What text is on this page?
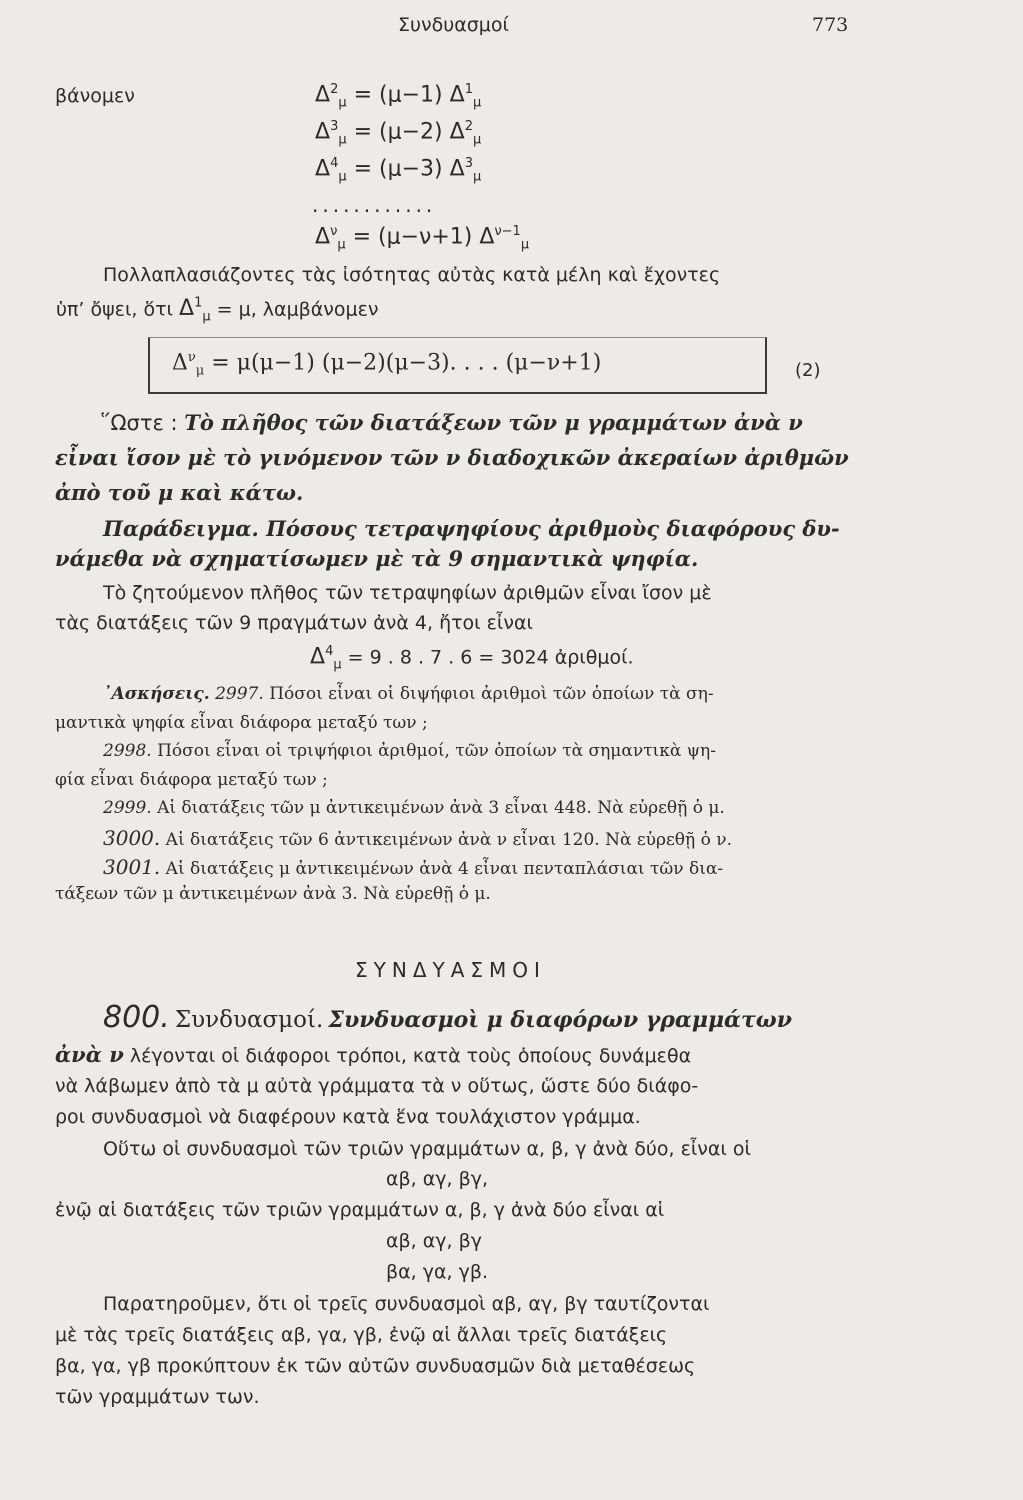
Συνδυασμοί	773
βάνομεν	$\Delta^2_\mu = (\mu-1)$ $\Delta^1_\mu$
$\Delta^3_\mu = (\mu-2)$ $\Delta^2_\mu$
$\Delta^4_\mu = (\mu-3)$ $\Delta^3_\mu$
............
$\Delta^\nu_\mu = (\mu-\nu+1)$ $\Delta^{\nu-1}_\mu$
Πολλαπλασιάζοντες τὰς ἰσότητας αὐτὰς κατὰ μέλη καὶ ἔχοντες
ὑπ’ ὄψει, ὅτι $\Delta^1_\mu = \mu$, λαμβάνομεν
$\Delta^\nu_\mu = \mu(\mu-1)$ (μ−2)(μ−3). . . . (μ−ν+1)	(2)
῞Ωστε : Τὸ πλῆθος τῶν διατάξεων τῶν μ γραμμάτων ἀνὰ ν
εἶναι ἴσον μὲ τὸ γινόμενον τῶν ν διαδοχικῶν ἀκεραίων ἀριθμῶν
ἀπὸ τοῦ μ καὶ κάτω.
Παράδειγμα. Πόσους τετραψηφίους ἀριθμοὺς διαφόρους δυ-
νάμεθα νὰ σχηματίσωμεν μὲ τὰ 9 σημαντικὰ ψηφία.
Τὸ ζητούμενον πλῆθος τῶν τετραψηφίων ἀριθμῶν εἶναι ἴσον μὲ
τὰς διατάξεις τῶν 9 πραγμάτων ἀνὰ 4, ἤτοι εἶναι
$\Delta^4_\mu = 9$ . 8 . 7 . 6 = 3024 ἀριθμοί.
᾿Ασκήσεις. 2997. Πόσοι εἶναι οἱ διψήφιοι ἀριθμοὶ τῶν ὁποίων τὰ ση-
μαντικὰ ψηφία εἶναι διάφορα μεταξύ των ;
2998. Πόσοι εἶναι οἱ τριψήφιοι ἀριθμοί, τῶν ὁποίων τὰ σημαντικὰ ψη-
φία εἶναι διάφορα μεταξύ των ;
2999. Αἱ διατάξεις τῶν μ ἀντικειμένων ἀνὰ 3 εἶναι 448. Νὰ εὑρεθῇ ὁ μ.
3000. Αἱ διατάξεις τῶν 6 ἀντικειμένων ἀνὰ ν εἶναι 120. Νὰ εὑρεθῇ ὁ ν.
3001. Αἱ διατάξεις μ ἀντικειμένων ἀνὰ 4 εἶναι πενταπλάσιαι τῶν δια-
τάξεων τῶν μ ἀντικειμένων ἀνὰ 3. Νὰ εὑρεθῇ ὁ μ.
ΣΥΝΔΥΑΣΜΟΙ
800. Συνδυασμοί. Συνδυασμοὶ μ διαφόρων γραμμάτων
ἀνὰ ν λέγονται οἱ διάφοροι τρόποι, κατὰ τοὺς ὁποίους δυνάμεθα
νὰ λάβωμεν ἀπὸ τὰ μ αὐτὰ γράμματα τὰ ν οὕτως, ὥστε δύο διάφο-
ροι συνδυασμοὶ νὰ διαφέρουν κατὰ ἕνα τουλάχιστον γράμμα.
Οὕτω οἱ συνδυασμοὶ τῶν τριῶν γραμμάτων α, β, γ ἀνὰ δύο, εἶναι οἱ
αβ, αγ, βγ,
ἐνῷ αἱ διατάξεις τῶν τριῶν γραμμάτων α, β, γ ἀνὰ δύο εἶναι αἱ
αβ, αγ, βγ
βα, γα, γβ.
Παρατηροῦμεν, ὅτι οἱ τρεῖς συνδυασμοὶ αβ, αγ, βγ ταυτίζονται
μὲ τὰς τρεῖς διατάξεις αβ, γα, γβ, ἐνῷ αἱ ἄλλαι τρεῖς διατάξεις
βα, γα, γβ προκύπτουν ἐκ τῶν αὐτῶν συνδυασμῶν διὰ μεταθέσεως
τῶν γραμμάτων των.
